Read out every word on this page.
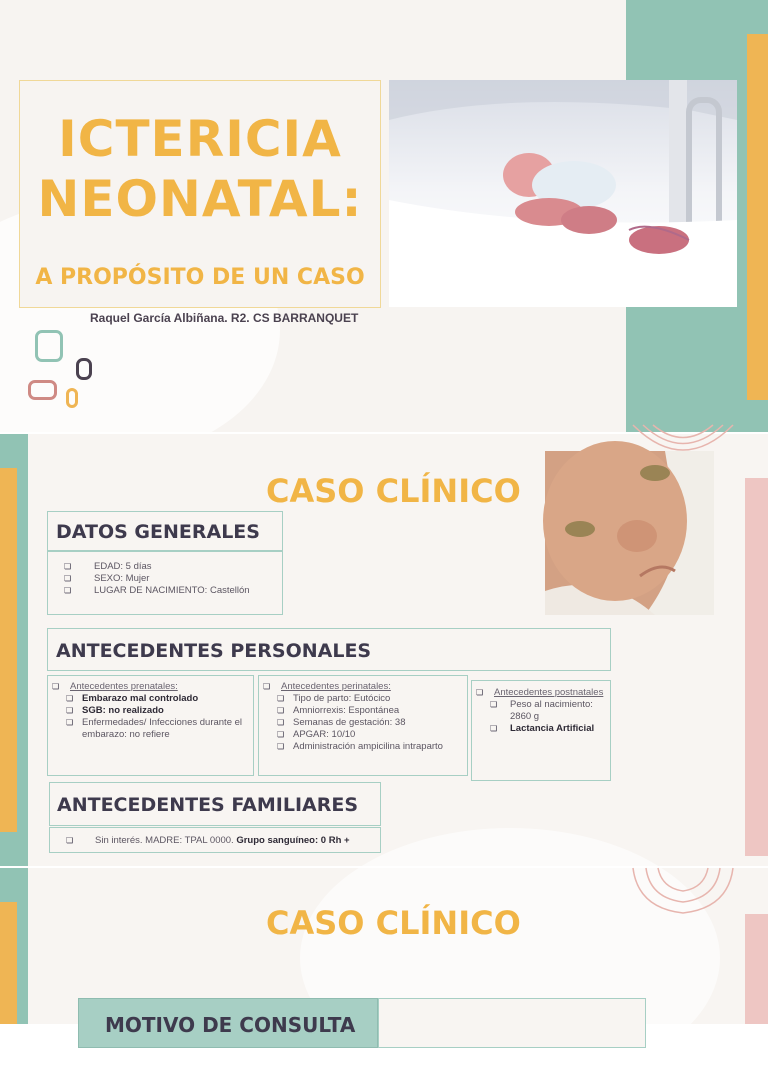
ICTERICIA NEONATAL:
A PROPÓSITO DE UN CASO
Raquel García Albiñana. R2. CS BARRANQUET
CASO CLÍNICO
DATOS GENERALES
❏ EDAD: 5 días
❏ SEXO: Mujer
❏ LUGAR DE NACIMIENTO: Castellón
ANTECEDENTES PERSONALES
❏ Antecedentes prenatales:
❏ Embarazo mal controlado
❏ SGB: no realizado
❏ Enfermedades/ Infecciones durante el embarazo: no refiere
❏ Antecedentes perinatales:
❏ Tipo de parto: Eutócico
❏ Amniorrexis: Espontánea
❏ Semanas de gestación: 38
❏ APGAR: 10/10
❏ Administración ampicilina intraparto
❏ Antecedentes postnatales
❏ Peso al nacimiento: 2860 g
❏ Lactancia Artificial
ANTECEDENTES FAMILIARES
❏ Sin interés. MADRE: TPAL 0000. Grupo sanguíneo: 0 Rh +
CASO CLÍNICO
MOTIVO DE CONSULTA
